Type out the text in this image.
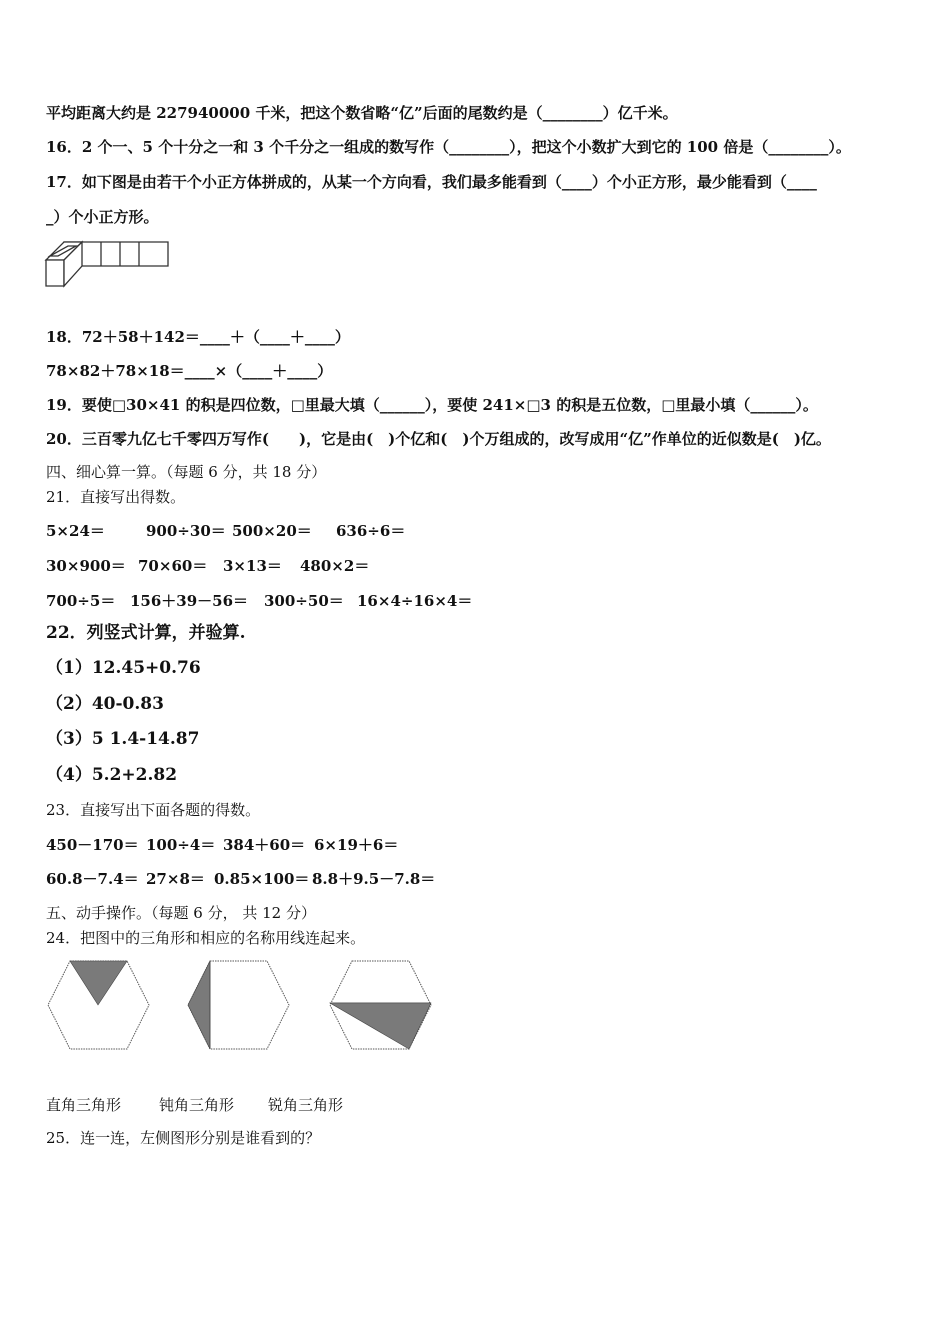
平均距离大约是 227940000 千米，把这个数省略“亿”后面的尾数约是（________）亿千米。
16．2 个一、5 个十分之一和 3 个千分之一组成的数写作（________），把这个小数扩大到它的 100 倍是（________）。
17．如下图是由若干个小正方体拼成的，从某一个方向看，我们最多能看到（____）个小正方形，最少能看到（____
_）个小正方形。
18．72＋58＋142＝____＋（____＋____）
78×82＋78×18＝____×（____＋____）
19．要使□30×41 的积是四位数，□里最大填（______），要使 241×□3 的积是五位数，□里最小填（______）。
20．三百零九亿七千零四万写作(　　)，它是由(　)个亿和(　)个万组成的，改写成用“亿”作单位的近似数是(　)亿。
四、细心算一算。（每题 6 分，共 18 分）
21．直接写出得数。
5×24＝	900÷30＝ 500×20＝ 636÷6＝
30×900＝ 70×60＝ 3×13＝ 480×2＝
700÷5＝ 156＋39－56＝ 300÷50＝ 16×4÷16×4＝
22．列竖式计算，并验算.
（1）12.45+0.76
（2）40-0.83
（3）5 1.4-14.87
（4）5.2+2.82
23．直接写出下面各题的得数。
450－170＝ 100÷4＝ 384＋60＝ 6×19＋6＝
60.8－7.4＝ 27×8＝ 0.85×100＝ 8.8＋9.5－7.8＝
五、动手操作。（每题 6 分， 共 12 分）
24．把图中的三角形和相应的名称用线连起来。
直角三角形	钝角三角形 锐角三角形
25．连一连，左侧图形分别是谁看到的？
